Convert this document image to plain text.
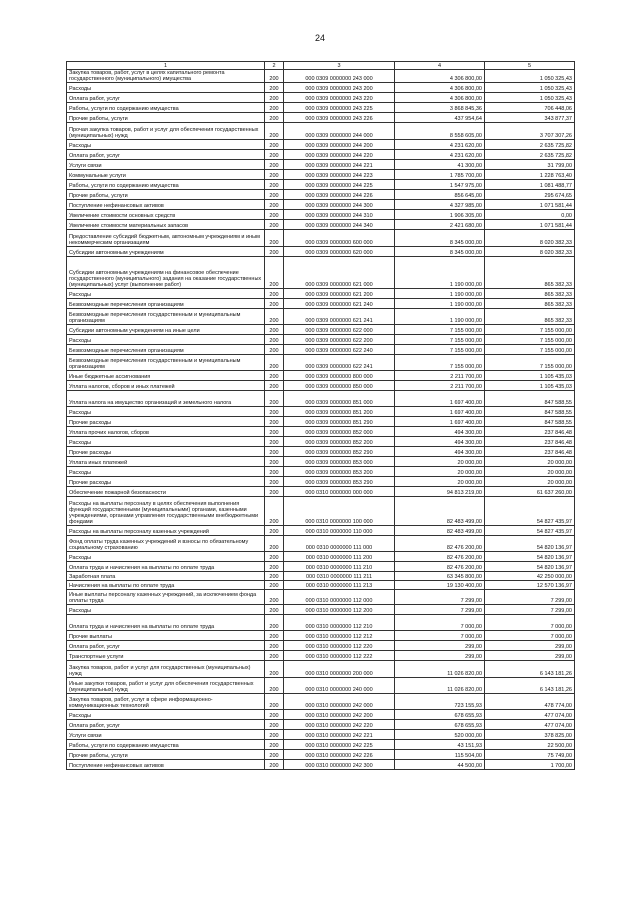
24
1	2	3	4	5
Закупка товаров, работ, услуг в целях капитального ремонта государственного (муниципального) имущества	200	000 0309 0000000 243 000	4 306 800,00	1 050 325,43
Расходы	200	000 0309 0000000 243 200	4 306 800,00	1 050 325,43
Оплата работ, услуг	200	000 0309 0000000 243 220	4 306 800,00	1 050 325,43
Работы, услуги по содержанию имущества	200	000 0309 0000000 243 225	3 868 845,36	706 448,06
Прочие работы, услуги	200	000 0309 0000000 243 226	437 954,64	343 877,37
Прочая закупка товаров, работ и услуг для обеспечения государственных (муниципальных) нужд	200	000 0309 0000000 244 000	8 558 605,00	3 707 307,26
Расходы	200	000 0309 0000000 244 200	4 231 620,00	2 635 725,82
Оплата работ, услуг	200	000 0309 0000000 244 220	4 231 620,00	2 635 725,82
Услуги связи	200	000 0309 0000000 244 221	41 300,00	31 799,00
Коммунальные услуги	200	000 0309 0000000 244 223	1 785 700,00	1 228 763,40
Работы, услуги по содержанию имущества	200	000 0309 0000000 244 225	1 547 975,00	1 081 488,77
Прочие работы, услуги	200	000 0309 0000000 244 226	856 645,00	295 674,65
Поступление нефинансовых активов	200	000 0309 0000000 244 300	4 327 985,00	1 071 581,44
Увеличение стоимости основных средств	200	000 0309 0000000 244 310	1 906 305,00	0,00
Увеличение стоимости материальных запасов	200	000 0309 0000000 244 340	2 421 680,00	1 071 581,44
Предоставление субсидий бюджетным, автономным учреждениям и иным некоммерческим организациям	200	000 0309 0000000 600 000	8 345 000,00	8 020 382,33
Субсидии автономным учреждениям	200	000 0309 0000000 620 000	8 345 000,00	8 020 382,33
Субсидии автономным учреждениям на финансовое обеспечение государственного (муниципального) задания на оказание государственных (муниципальных) услуг (выполнение работ)	200	000 0309 0000000 621 000	1 190 000,00	865 382,33
Расходы	200	000 0309 0000000 621 200	1 190 000,00	865 382,33
Безвозмездные перечисления организациям	200	000 0309 0000000 621 240	1 190 000,00	865 382,33
Безвозмездные перечисления государственным и муниципальным организациям	200	000 0309 0000000 621 241	1 190 000,00	865 382,33
Субсидии автономным учреждениям на иные цели	200	000 0309 0000000 622 000	7 155 000,00	7 155 000,00
Расходы	200	000 0309 0000000 622 200	7 155 000,00	7 155 000,00
Безвозмездные перечисления организациям	200	000 0309 0000000 622 240	7 155 000,00	7 155 000,00
Безвозмездные перечисления государственным и муниципальным организациям	200	000 0309 0000000 622 241	7 155 000,00	7 155 000,00
Иные бюджетные ассигнования	200	000 0309 0000000 800 000	2 211 700,00	1 105 435,03
Уплата налогов, сборов и иных платежей	200	000 0309 0000000 850 000	2 211 700,00	1 105 435,03
Уплата налога на имущество организаций и земельного налога	200	000 0309 0000000 851 000	1 697 400,00	847 588,55
Расходы	200	000 0309 0000000 851 200	1 697 400,00	847 588,55
Прочие расходы	200	000 0309 0000000 851 290	1 697 400,00	847 588,55
Уплата прочих налогов, сборов	200	000 0309 0000000 852 000	494 300,00	237 846,48
Расходы	200	000 0309 0000000 852 200	494 300,00	237 846,48
Прочие расходы	200	000 0309 0000000 852 290	494 300,00	237 846,48
Уплата иных платежей	200	000 0309 0000000 853 000	20 000,00	20 000,00
Расходы	200	000 0309 0000000 853 200	20 000,00	20 000,00
Прочие расходы	200	000 0309 0000000 853 290	20 000,00	20 000,00
Обеспечение пожарной безопасности	200	000 0310 0000000 000 000	94 813 219,00	61 637 260,00
Расходы на выплаты персоналу в целях обеспечения выполнения функций государственными (муниципальными) органами, казенными учреждениями, органами управления государственными внебюджетными фондами	200	000 0310 0000000 100 000	82 483 499,00	54 827 435,97
Расходы на выплаты персоналу казенных учреждений	200	000 0310 0000000 110 000	82 483 499,00	54 827 435,97
Фонд оплаты труда казенных учреждений и взносы по обязательному социальному страхованию	200	000 0310 0000000 111 000	82 476 200,00	54 820 136,97
Расходы	200	000 0310 0000000 111 200	82 476 200,00	54 820 136,97
Оплата труда и начисления на выплаты по оплате труда	200	000 0310 0000000 111 210	82 476 200,00	54 820 136,97
Заработная плата	200	000 0310 0000000 111 211	63 345 800,00	42 250 000,00
Начисления на выплаты по оплате труда	200	000 0310 0000000 111 213	19 130 400,00	12 570 136,97
Иные выплаты персоналу казенных учреждений, за исключением фонда оплаты труда	200	000 0310 0000000 112 000	7 299,00	7 299,00
Расходы	200	000 0310 0000000 112 200	7 299,00	7 299,00
Оплата труда и начисления на выплаты по оплате труда	200	000 0310 0000000 112 210	7 000,00	7 000,00
Прочие выплаты	200	000 0310 0000000 112 212	7 000,00	7 000,00
Оплата работ, услуг	200	000 0310 0000000 112 220	299,00	299,00
Транспортные услуги	200	000 0310 0000000 112 222	299,00	299,00
Закупка товаров, работ и услуг для государственных (муниципальных) нужд	200	000 0310 0000000 200 000	11 026 820,00	6 143 181,26
Иные закупки товаров, работ и услуг для обеспечения государственных (муниципальных) нужд	200	000 0310 0000000 240 000	11 026 820,00	6 143 181,26
Закупка товаров, работ, услуг в сфере информационно-коммуникационных технологий	200	000 0310 0000000 242 000	723 155,93	478 774,00
Расходы	200	000 0310 0000000 242 200	678 655,93	477 074,00
Оплата работ, услуг	200	000 0310 0000000 242 220	678 655,93	477 074,00
Услуги связи	200	000 0310 0000000 242 221	520 000,00	378 825,00
Работы, услуги по содержанию имущества	200	000 0310 0000000 242 225	43 151,93	22 500,00
Прочие работы, услуги	200	000 0310 0000000 242 226	115 504,00	75 749,00
Поступление нефинансовых активов	200	000 0310 0000000 242 300	44 500,00	1 700,00
